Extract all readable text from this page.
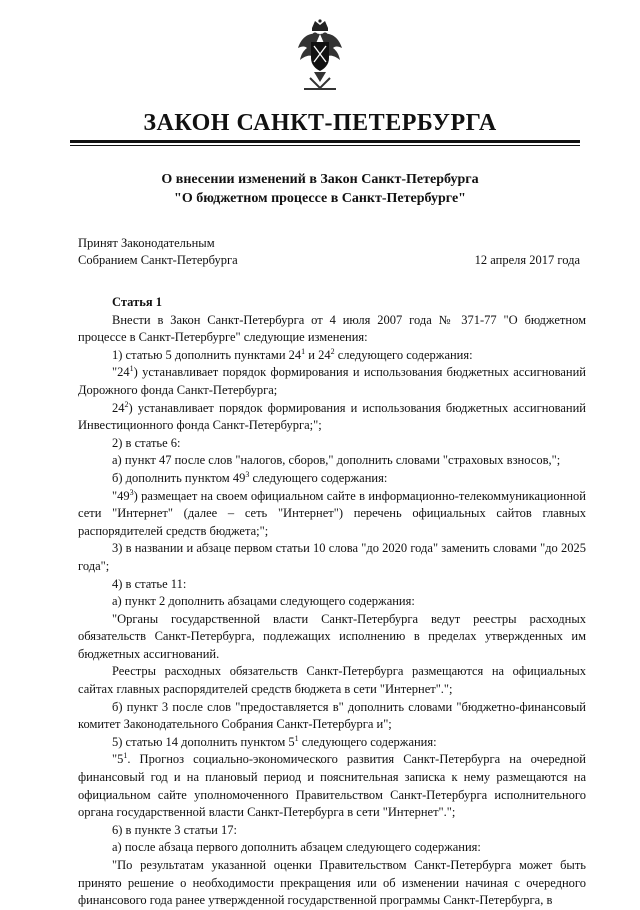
ЗАКОН САНКТ-ПЕТЕРБУРГА
О внесении изменений в Закон Санкт-Петербурга
"О бюджетном процессе в Санкт-Петербурге"
Принят Законодательным
Собранием Санкт-Петербурга	12 апреля 2017 года

Статья 1

Внести в Закон Санкт-Петербурга от 4 июля 2007 года № 371-77 "О бюджетном процессе в Санкт-Петербурге" следующие изменения:

1) статью 5 дополнить пунктами $24^1$ и $24^2$ следующего содержания:

"$24^1$) устанавливает порядок формирования и использования бюджетных ассигнований Дорожного фонда Санкт-Петербурга;

$24^2$) устанавливает порядок формирования и использования бюджетных ассигнований Инвестиционного фонда Санкт-Петербурга;";

2) в статье 6:

а) пункт 47 после слов "налогов, сборов," дополнить словами "страховых взносов,";

б) дополнить пунктом $49^3$ следующего содержания:

"$49^3$) размещает на своем официальном сайте в информационно-телекоммуникационной сети "Интернет" (далее – сеть "Интернет") перечень официальных сайтов главных распорядителей средств бюджета;";

3) в названии и абзаце первом статьи 10 слова "до 2020 года" заменить словами "до 2025 года";

4) в статье 11:

а) пункт 2 дополнить абзацами следующего содержания:

"Органы государственной власти Санкт-Петербурга ведут реестры расходных обязательств Санкт-Петербурга, подлежащих исполнению в пределах утвержденных им бюджетных ассигнований.

Реестры расходных обязательств Санкт-Петербурга размещаются на официальных сайтах главных распорядителей средств бюджета в сети "Интернет".";

б) пункт 3 после слов "предоставляется в" дополнить словами "бюджетно-финансовый комитет Законодательного Собрания Санкт-Петербурга и";

5) статью 14 дополнить пунктом $5^1$ следующего содержания:

"$5^1$. Прогноз социально-экономического развития Санкт-Петербурга на очередной финансовый год и на плановый период и пояснительная записка к нему размещаются на официальном сайте уполномоченного Правительством Санкт-Петербурга исполнительного органа государственной власти Санкт-Петербурга в сети "Интернет".";

6) в пункте 3 статьи 17:

а) после абзаца первого дополнить абзацем следующего содержания:

"По результатам указанной оценки Правительством Санкт-Петербурга может быть принято решение о необходимости прекращения или об изменении начиная с очередного финансового года ранее утвержденной государственной программы Санкт-Петербурга, в
